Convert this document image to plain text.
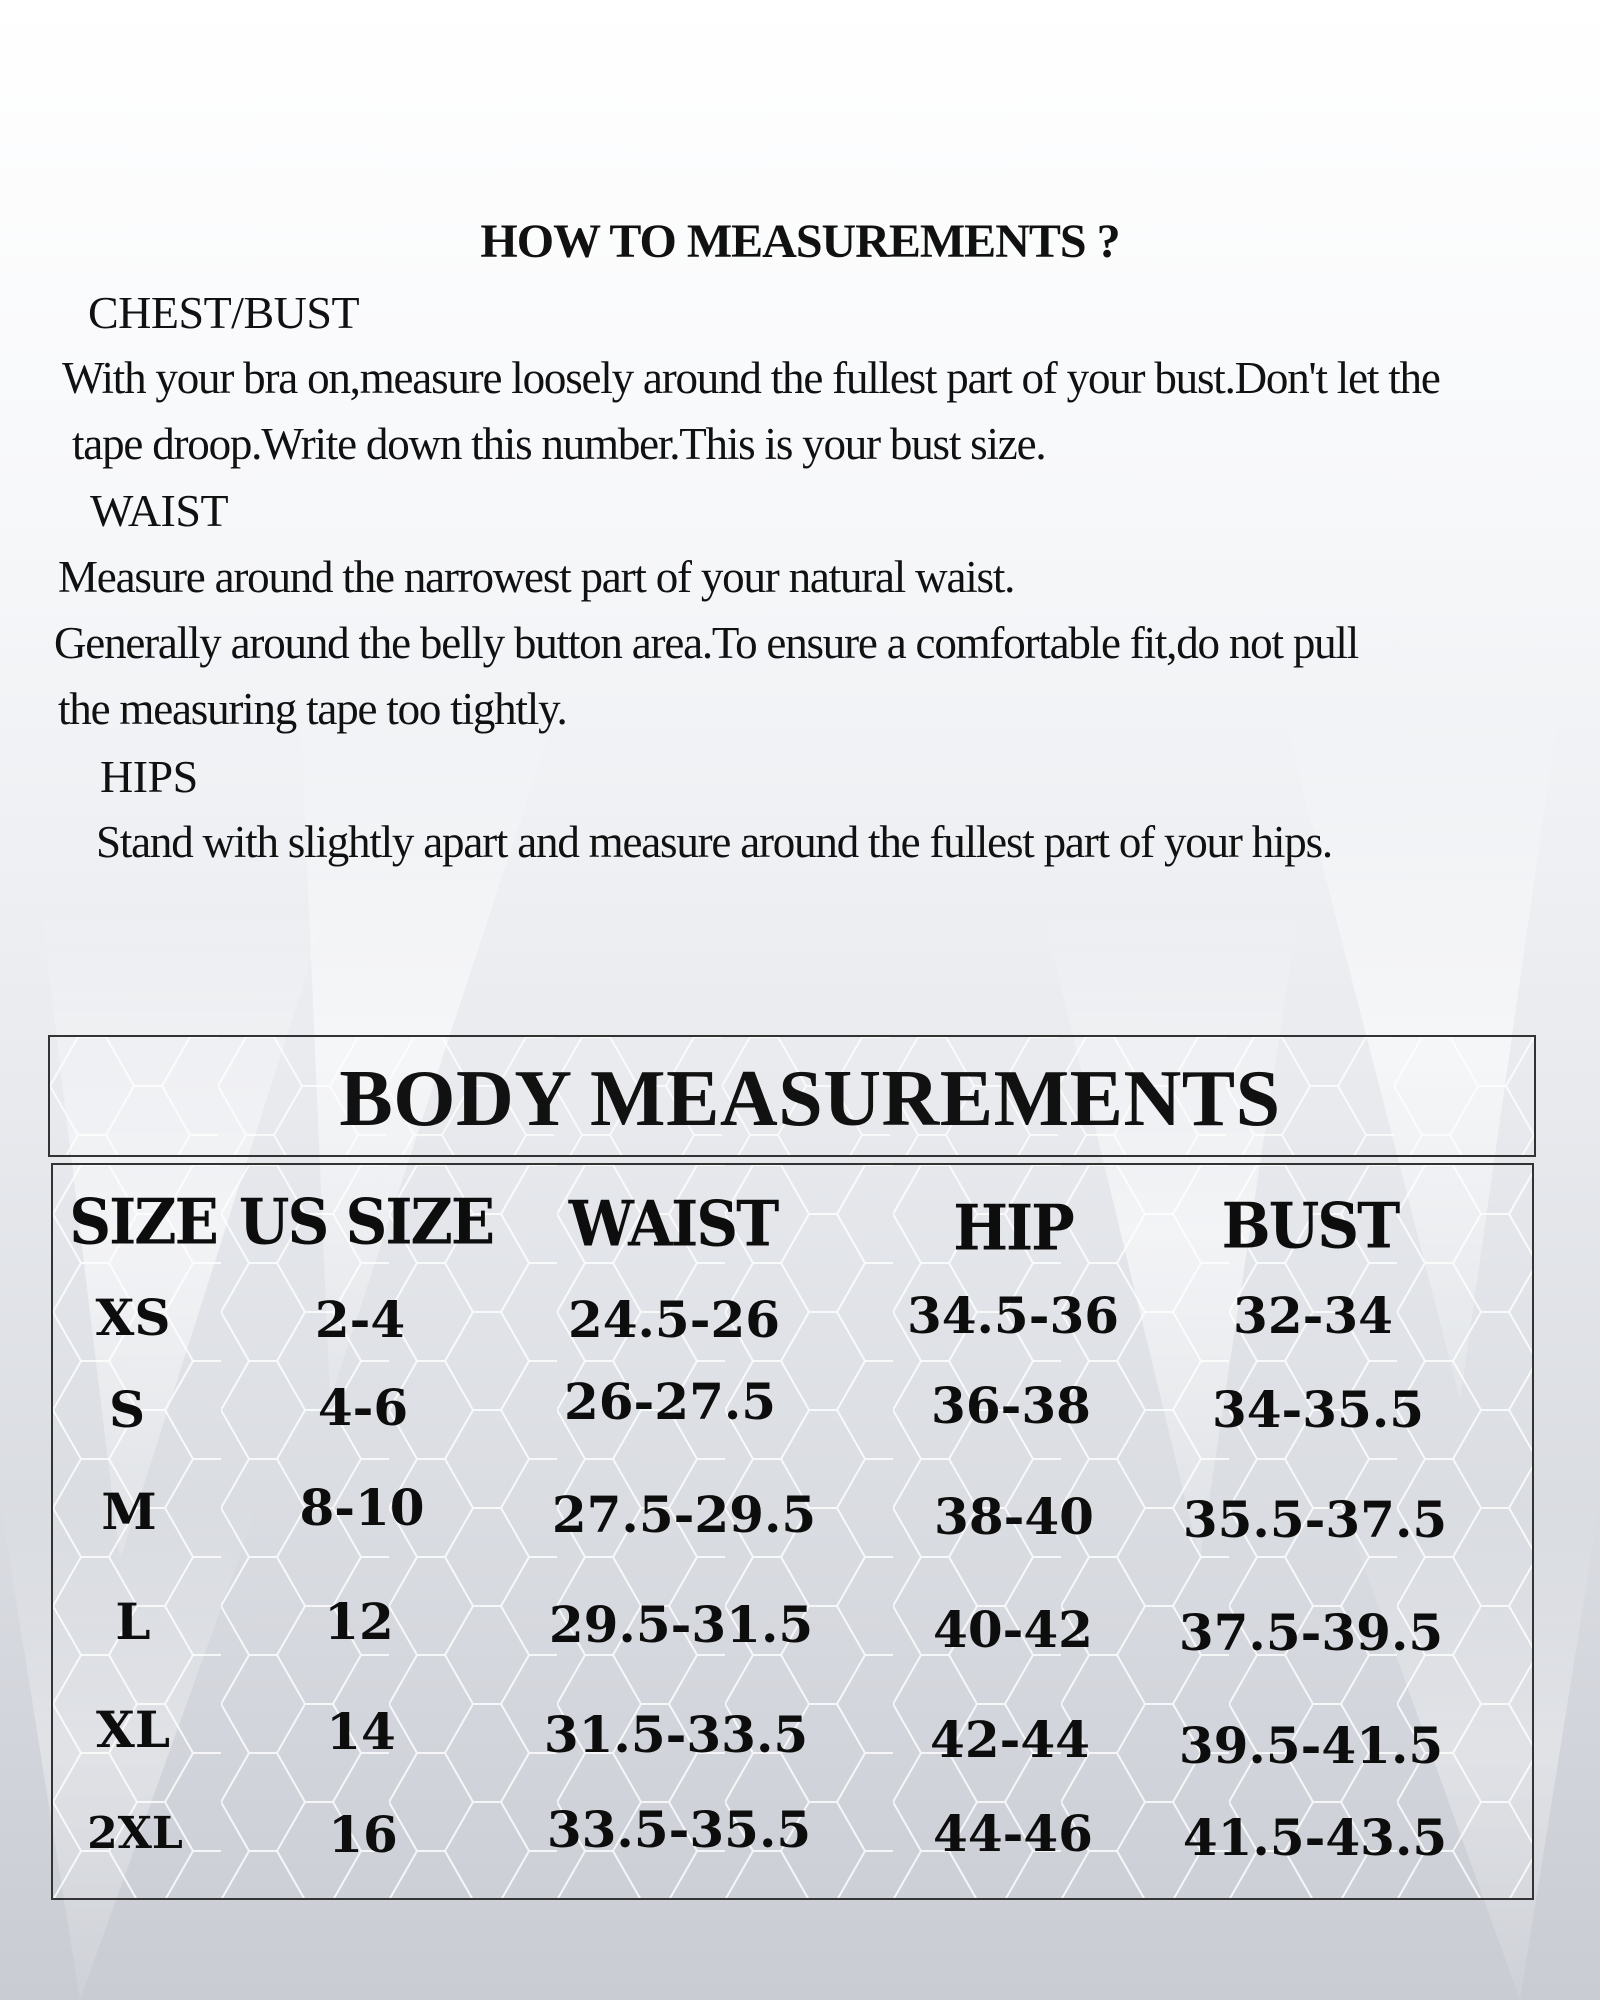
HOW TO MEASUREMENTS ?

CHEST/BUST

With your bra on,measure loosely around the fullest part of your bust.Don't let the

tape droop.Write down this number.This is your bust size.

WAIST

Measure around the narrowest part of your natural waist.

Generally around the belly button area.To ensure a comfortable fit,do not pull

the measuring tape too tightly.

HIPS

Stand with slightly apart and measure around the fullest part of your hips.

BODY MEASUREMENTS
SIZE US SIZE WAIST	HIP	BUST
XS	2-4	24.5-26	34.5-36 32-34
S	4-6	26-27.5	36-38 34-35.5
M	8-10	27.5-29.5 38-40 35.5-37.5
L	12	29.5-31.5 40-42 37.5-39.5
XL	14	31.5-33.5 42-44 39.5-41.5
2XL	16	33.5-35.5 44-46 41.5-43.5
